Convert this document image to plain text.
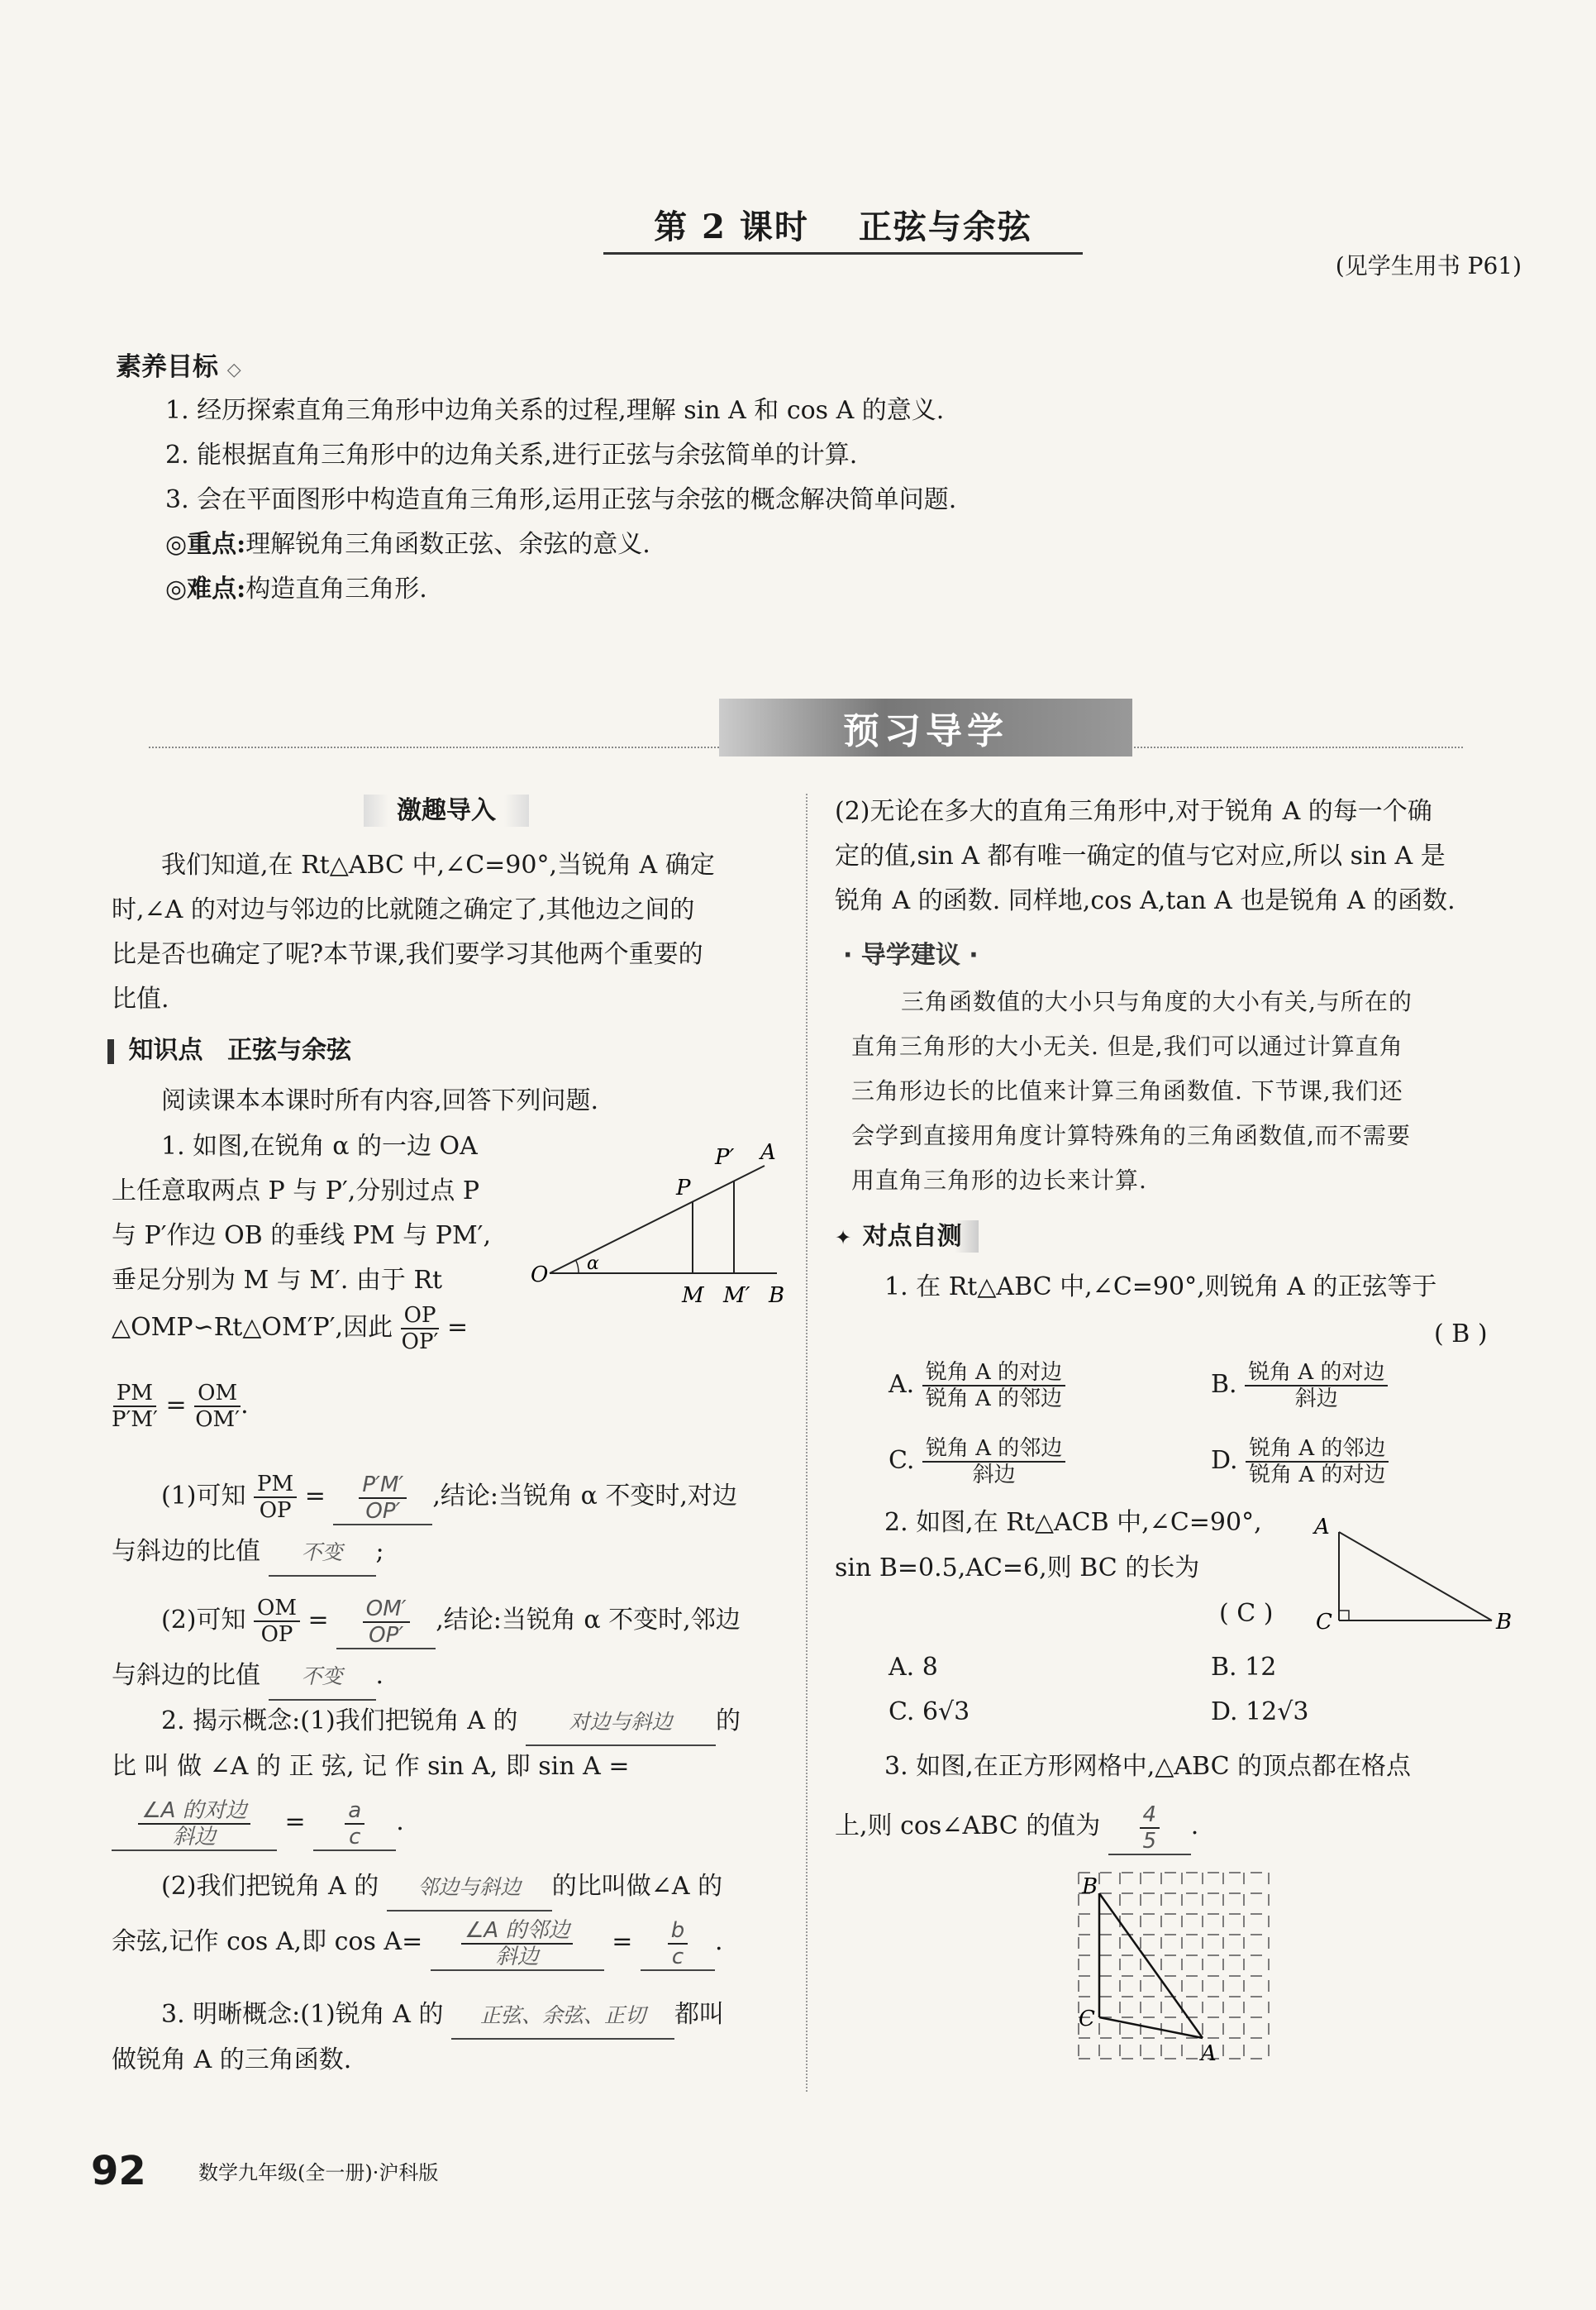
第 2 课时 正弦与余弦
(见学生用书 P61)
素养目标 ◇
1. 经历探索直角三角形中边角关系的过程,理解 sin A 和 cos A 的意义.
2. 能根据直角三角形中的边角关系,进行正弦与余弦简单的计算.
3. 会在平面图形中构造直角三角形,运用正弦与余弦的概念解决简单问题.
◎重点:理解锐角三角函数正弦、余弦的意义.
◎难点:构造直角三角形.
预习导学
激趣导入
我们知道,在 Rt△ABC 中,∠C=90°,当锐角 A 确定
时,∠A 的对边与邻边的比就随之确定了,其他边之间的
比是否也确定了呢?本节课,我们要学习其他两个重要的
比值.
知识点 正弦与余弦
阅读课本本课时所有内容,回答下列问题.
1. 如图,在锐角 α 的一边 OA
上任意取两点 P 与 P′,分别过点 P
与 P′作边 OB 的垂线 PM 与 PM′,
垂足分别为 M 与 M′. 由于 Rt
△OMP∽Rt△OM′P′,因此 $\frac{OP}{OP'}$ =
O α
P
P′ A
M M′ B
$\frac{PM}{P'M'} = \frac{OM}{OM'}$ .
(1)可知 $\frac{PM}{OP} = \frac{P'M'}{OP'}$ ,结论:当锐角 α 不变时,对边
与斜边的比值 不变 ;
(2)可知 $\frac{OM}{OP} = \frac{OM'}{OP'}$ ,结论:当锐角 α 不变时,邻边
与斜边的比值 不变 .
2. 揭示概念:(1)我们把锐角 A 的 对边与斜边 的
比 叫 做 ∠A 的 正 弦, 记 作 sin A, 即 sin A =
$\frac{\text{∠A 的对边}}{\text{斜边}} = \frac{a}{c}$ .
(2)我们把锐角 A 的 邻边与斜边 的比叫做∠A 的
余弦,记作 cos A,即 $\cos A= \frac{\text{∠A 的邻边}}{\text{斜边}} = \frac{b}{c}$ .
3. 明晰概念:(1)锐角 A 的 正弦、余弦、正切 都叫
做锐角 A 的三角函数.
(2)无论在多大的直角三角形中,对于锐角 A 的每一个确
定的值,sin A 都有唯一确定的值与它对应,所以 sin A 是
锐角 A 的函数. 同样地,cos A,tan A 也是锐角 A 的函数.
· 导学建议 ·
三角函数值的大小只与角度的大小有关,与所在的
直角三角形的大小无关. 但是,我们可以通过计算直角
三角形边长的比值来计算三角函数值. 下节课,我们还
会学到直接用角度计算特殊角的三角函数值,而不需要
用直角三角形的边长来计算.
✦ 对点自测
1. 在 Rt△ABC 中,∠C=90°,则锐角 A 的正弦等于
( B )
A. $\frac{\text{锐角 A 的对边}}{\text{锐角 A 的邻边}}$	B. $\frac{\text{锐角 A 的对边}}{\text{斜边}}$
C. $\frac{\text{锐角 A 的邻边}}{\text{斜边}}$	D. $\frac{\text{锐角 A 的邻边}}{\text{锐角 A 的对边}}$
2. 如图,在 Rt△ACB 中,∠C=90°,
sin B=0.5,AC=6,则 BC 的长为
( C )
A
C	B
A. 8	B. 12
C. 6√3	D. 12√3
3. 如图,在正方形网格中,△ABC 的顶点都在格点
上,则 cos∠ABC 的值为 $\frac{4}{5}$ .
B
C
A
92	数学九年级(全一册)·沪科版
